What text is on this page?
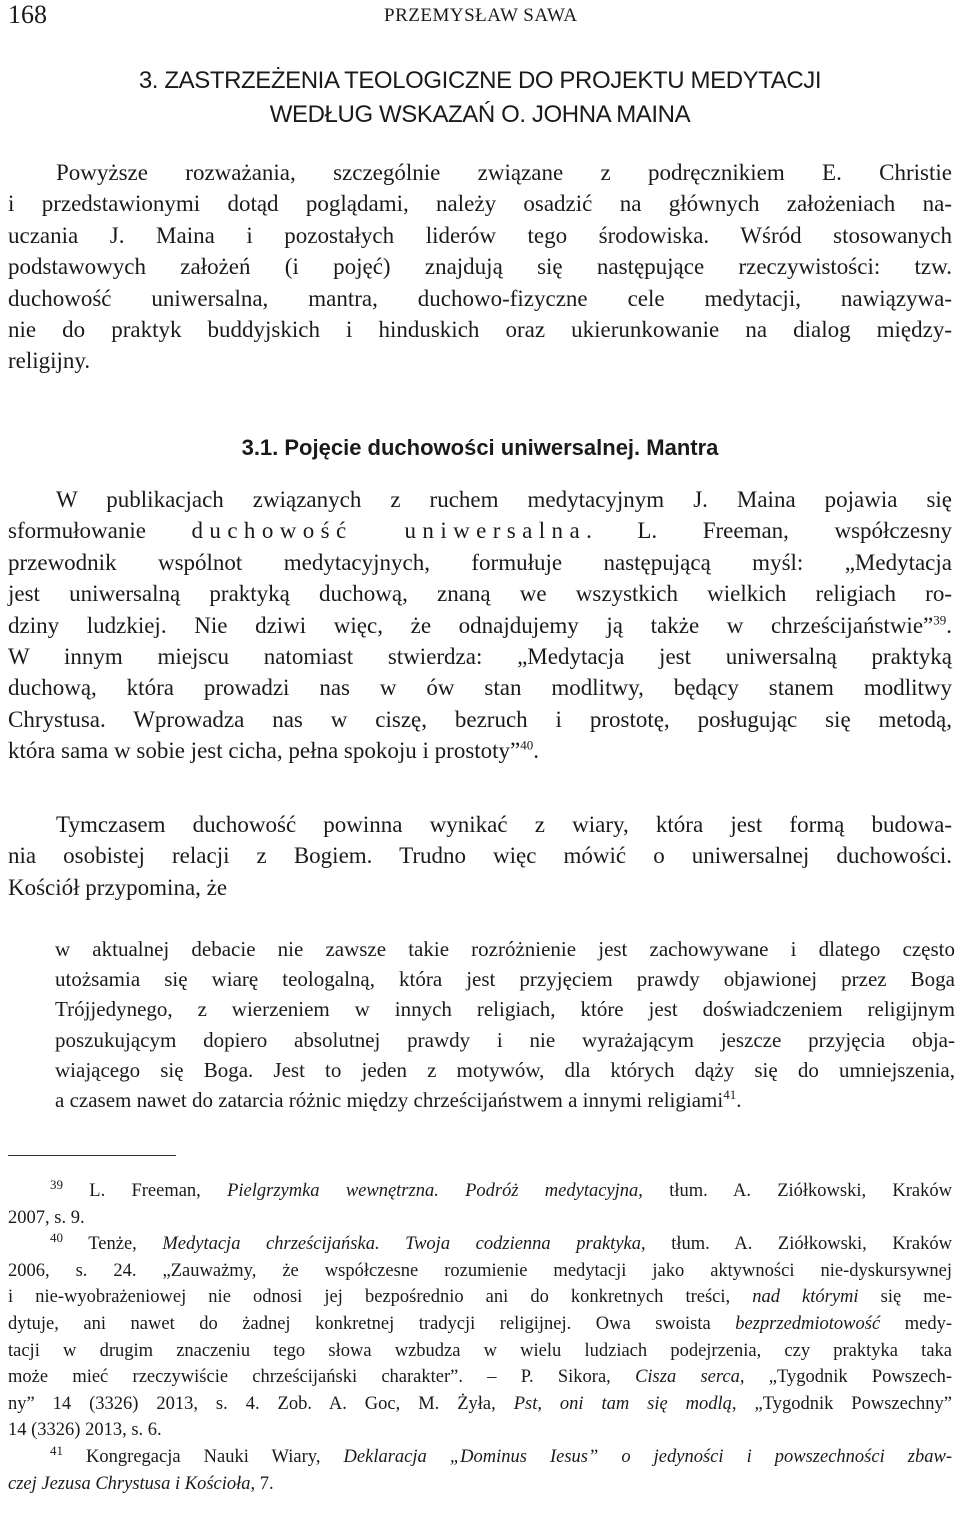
168	PRZEMYSŁAW SAWA
3. ZASTRZEŻENIA TEOLOGICZNE DO PROJEKTU MEDYTACJI
WEDŁUG WSKAZAŃ O. JOHNA MAINA
Powyższe rozważania, szczególnie związane z podręcznikiem E. Christie
i przedstawionymi dotąd poglądami, należy osadzić na głównych założeniach na-
uczania J. Maina i pozostałych liderów tego środowiska. Wśród stosowanych
podstawowych założeń (i pojęć) znajdują się następujące rzeczywistości: tzw.
duchowość uniwersalna, mantra, duchowo-fizyczne cele medytacji, nawiązywa-
nie do praktyk buddyjskich i hinduskich oraz ukierunkowanie na dialog między-
religijny.
3.1. Pojęcie duchowości uniwersalnej. Mantra
W publikacjach związanych z ruchem medytacyjnym J. Maina pojawia się
sformułowanie duchowość uniwersalna. L. Freeman, współczesny
przewodnik wspólnot medytacyjnych, formułuje następującą myśl: „Medytacja
jest uniwersalną praktyką duchową, znaną we wszystkich wielkich religiach ro-
dziny ludzkiej. Nie dziwi więc, że odnajdujemy ją także w chrześcijaństwie”$^{39}$.
W innym miejscu natomiast stwierdza: „Medytacja jest uniwersalną praktyką
duchową, która prowadzi nas w ów stan modlitwy, będący stanem modlitwy
Chrystusa. Wprowadza nas w ciszę, bezruch i prostotę, posługując się metodą,
która sama w sobie jest cicha, pełna spokoju i prostoty”$^{40}$.
Tymczasem duchowość powinna wynikać z wiary, która jest formą budowa-
nia osobistej relacji z Bogiem. Trudno więc mówić o uniwersalnej duchowości.
Kościół przypomina, że
w aktualnej debacie nie zawsze takie rozróżnienie jest zachowywane i dlatego często
utożsamia się wiarę teologalną, która jest przyjęciem prawdy objawionej przez Boga
Trójjedynego, z wierzeniem w innych religiach, które jest doświadczeniem religijnym
poszukującym dopiero absolutnej prawdy i nie wyrażającym jeszcze przyjęcia obja-
wiającego się Boga. Jest to jeden z motywów, dla których dąży się do umniejszenia,
a czasem nawet do zatarcia różnic między chrześcijaństwem a innymi religiami$^{41}$.
$^{39}$ L. Freeman, Pielgrzymka wewnętrzna. Podróż medytacyjna, tłum. A. Ziółkowski, Kraków
2007, s. 9.
$^{40}$ Tenże, Medytacja chrześcijańska. Twoja codzienna praktyka, tłum. A. Ziółkowski, Kraków
2006, s. 24. „Zauważmy, że współczesne rozumienie medytacji jako aktywności nie-dyskursywnej
i nie-wyobrażeniowej nie odnosi jej bezpośrednio ani do konkretnych treści, nad którymi się me-
dytuje, ani nawet do żadnej konkretnej tradycji religijnej. Owa swoista bezprzedmiotowość medy-
tacji w drugim znaczeniu tego słowa wzbudza w wielu ludziach podejrzenia, czy praktyka taka
może mieć rzeczywiście chrześcijański charakter”. – P. Sikora, Cisza serca, „Tygodnik Powszech-
ny” 14 (3326) 2013, s. 4. Zob. A. Goc, M. Żyła, Pst, oni tam się modlą, „Tygodnik Powszechny”
14 (3326) 2013, s. 6.
$^{41}$ Kongregacja Nauki Wiary, Deklaracja „Dominus Iesus” o jedyności i powszechności zbaw-
czej Jezusa Chrystusa i Kościoła, 7.
